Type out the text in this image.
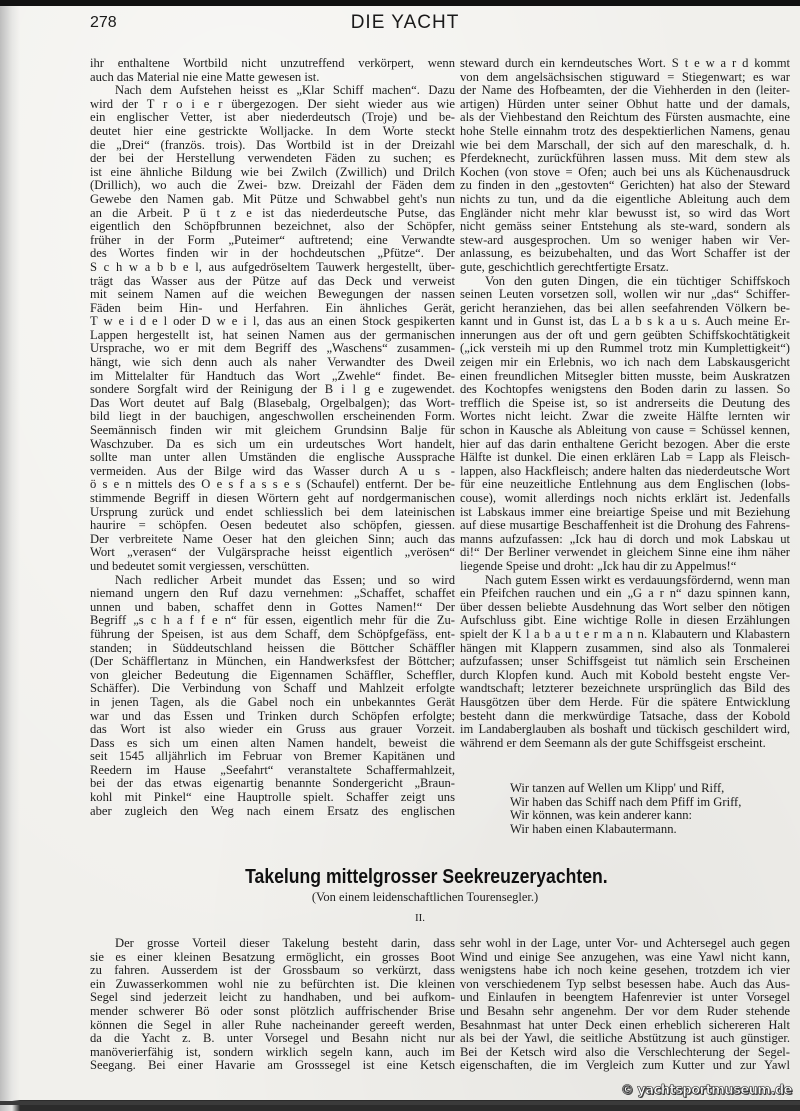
278	DIE YACHT
ihr enthaltene Wortbild nicht unzutreffend verkörpert, wenn
auch das Material nie eine Matte gewesen ist.
Nach dem Aufstehen heisst es „Klar Schiff machen“. Dazu
wird der T r o i e r übergezogen. Der sieht wieder aus wie
ein englischer Vetter, ist aber niederdeutsch (Troje) und be-
deutet hier eine gestrickte Wolljacke. In dem Worte steckt
die „Drei“ (französ. trois). Das Wortbild ist in der Dreizahl
der bei der Herstellung verwendeten Fäden zu suchen; es
ist eine ähnliche Bildung wie bei Zwilch (Zwillich) und Drilch
(Drillich), wo auch die Zwei- bzw. Dreizahl der Fäden dem
Gewebe den Namen gab. Mit Pütze und Schwabbel geht's nun
an die Arbeit. P ü t z e ist das niederdeutsche Putse, das
eigentlich den Schöpfbrunnen bezeichnet, also der Schöpfer,
früher in der Form „Puteimer“ auftretend; eine Verwandte
des Wortes finden wir in der hochdeutschen „Pfütze“. Der
S c h w a b b e l, aus aufgedröseltem Tauwerk hergestellt, über-
trägt das Wasser aus der Pütze auf das Deck und verweist
mit seinem Namen auf die weichen Bewegungen der nassen
Fäden beim Hin- und Herfahren. Ein ähnliches Gerät,
T w e i d e l oder D w e i l, das aus an einen Stock gespikerten
Lappen hergestellt ist, hat seinen Namen aus der germanischen
Ursprache, wo er mit dem Begriff des „Waschens“ zusammen-
hängt, wie sich denn auch als naher Verwandter des Dweil
im Mittelalter für Handtuch das Wort „Zwehle“ findet. Be-
sondere Sorgfalt wird der Reinigung der B i l g e zugewendet.
Das Wort deutet auf Balg (Blasebalg, Orgelbalgen); das Wort-
bild liegt in der bauchigen, angeschwollen erscheinenden Form.
Seemännisch finden wir mit gleichem Grundsinn Balje für
Waschzuber. Da es sich um ein urdeutsches Wort handelt,
sollte man unter allen Umständen die englische Aussprache
vermeiden. Aus der Bilge wird das Wasser durch A u s -
ö s e n mittels des O e s f a s s e s (Schaufel) entfernt. Der be-
stimmende Begriff in diesen Wörtern geht auf nordgermanischen
Ursprung zurück und endet schliesslich bei dem lateinischen
haurire = schöpfen. Oesen bedeutet also schöpfen, giessen.
Der verbreitete Name Oeser hat den gleichen Sinn; auch das
Wort „verasen“ der Vulgärsprache heisst eigentlich „verösen“
und bedeutet somit vergiessen, verschütten.
Nach redlicher Arbeit mundet das Essen; und so wird
niemand ungern den Ruf dazu vernehmen: „Schaffet, schaffet
unnen und baben, schaffet denn in Gottes Namen!“ Der
Begriff „s c h a f f e n“ für essen, eigentlich mehr für die Zu-
führung der Speisen, ist aus dem Schaff, dem Schöpfgefäss, ent-
standen; in Süddeutschland heissen die Böttcher Schäffler
(Der Schäfflertanz in München, ein Handwerksfest der Böttcher;
von gleicher Bedeutung die Eigennamen Schäffler, Scheffler,
Schäffer). Die Verbindung von Schaff und Mahlzeit erfolgte
in jenen Tagen, als die Gabel noch ein unbekanntes Gerät
war und das Essen und Trinken durch Schöpfen erfolgte;
das Wort ist also wieder ein Gruss aus grauer Vorzeit.
Dass es sich um einen alten Namen handelt, beweist die
seit 1545 alljährlich im Februar von Bremer Kapitänen und
Reedern im Hause „Seefahrt“ veranstaltete Schaffermahlzeit,
bei der das etwas eigenartig benannte Sondergericht „Braun-
kohl mit Pinkel“ eine Hauptrolle spielt. Schaffer zeigt uns
aber zugleich den Weg nach einem Ersatz des englischen
steward durch ein kerndeutsches Wort. S t e w a r d kommt
von dem angelsächsischen stiguward = Stiegenwart; es war
der Name des Hofbeamten, der die Viehherden in den (leiter-
artigen) Hürden unter seiner Obhut hatte und der damals,
als der Viehbestand den Reichtum des Fürsten ausmachte, eine
hohe Stelle einnahm trotz des despektierlichen Namens, genau
wie bei dem Marschall, der sich auf den mareschalk, d. h.
Pferdeknecht, zurückführen lassen muss. Mit dem stew als
Kochen (von stove = Ofen; auch bei uns als Küchenausdruck
zu finden in den „gestovten“ Gerichten) hat also der Steward
nichts zu tun, und da die eigentliche Ableitung auch dem
Engländer nicht mehr klar bewusst ist, so wird das Wort
nicht gemäss seiner Entstehung als ste-ward, sondern als
stew-ard ausgesprochen. Um so weniger haben wir Ver-
anlassung, es beizubehalten, und das Wort Schaffer ist der
gute, geschichtlich gerechtfertigte Ersatz.
Von den guten Dingen, die ein tüchtiger Schiffskoch
seinen Leuten vorsetzen soll, wollen wir nur „das“ Schiffer-
gericht heranziehen, das bei allen seefahrenden Völkern be-
kannt und in Gunst ist, das L a b s k a u s. Auch meine Er-
innerungen aus der oft und gern geübten Schiffskochtätigkeit
(„ick versteih mi up den Rummel trotz min Kumplettigkeit“)
zeigen mir ein Erlebnis, wo ich nach dem Labskausgericht
einen freundlichen Mitsegler bitten musste, beim Auskratzen
des Kochtopfes wenigstens den Boden darin zu lassen. So
trefflich die Speise ist, so ist andrerseits die Deutung des
Wortes nicht leicht. Zwar die zweite Hälfte lernten wir
schon in Kausche als Ableitung von cause = Schüssel kennen,
hier auf das darin enthaltene Gericht bezogen. Aber die erste
Hälfte ist dunkel. Die einen erklären Lab = Lapp als Fleisch-
lappen, also Hackfleisch; andere halten das niederdeutsche Wort
für eine neuzeitliche Entlehnung aus dem Englischen (lobs-
couse), womit allerdings noch nichts erklärt ist. Jedenfalls
ist Labskaus immer eine breiartige Speise und mit Beziehung
auf diese musartige Beschaffenheit ist die Drohung des Fahrens-
manns aufzufassen: „Ick hau di dorch und mok Labskau ut
di!“ Der Berliner verwendet in gleichem Sinne eine ihm näher
liegende Speise und droht: „Ick hau dir zu Appelmus!“
Nach gutem Essen wirkt es verdauungsfördernd, wenn man
ein Pfeifchen rauchen und ein „G a r n“ dazu spinnen kann,
über dessen beliebte Ausdehnung das Wort selber den nötigen
Aufschluss gibt. Eine wichtige Rolle in diesen Erzählungen
spielt der K l a b a u t e r m a n n. Klabautern und Klabastern
hängen mit Klappern zusammen, sind also als Tonmalerei
aufzufassen; unser Schiffsgeist tut nämlich sein Erscheinen
durch Klopfen kund. Auch mit Kobold besteht engste Ver-
wandtschaft; letzterer bezeichnete ursprünglich das Bild des
Hausgötzen über dem Herde. Für die spätere Entwicklung
besteht dann die merkwürdige Tatsache, dass der Kobold
im Landaberglauben als boshaft und tückisch geschildert wird,
während er dem Seemann als der gute Schiffsgeist erscheint.
Wir tanzen auf Wellen um Klipp' und Riff,
Wir haben das Schiff nach dem Pfiff im Griff,
Wir können, was kein anderer kann:
Wir haben einen Klabautermann.
Takelung mittelgrosser Seekreuzeryachten.
(Von einem leidenschaftlichen Tourensegler.)
II.
Der grosse Vorteil dieser Takelung besteht darin, dass
sie es einer kleinen Besatzung ermöglicht, ein grosses Boot
zu fahren. Ausserdem ist der Grossbaum so verkürzt, dass
ein Zuwasserkommen wohl nie zu befürchten ist. Die kleinen
Segel sind jederzeit leicht zu handhaben, und bei aufkom-
mender schwerer Bö oder sonst plötzlich auffrischender Brise
können die Segel in aller Ruhe nacheinander gereeft werden,
da die Yacht z. B. unter Vorsegel und Besahn nicht nur
manöverierfähig ist, sondern wirklich segeln kann, auch im
Seegang. Bei einer Havarie am Grosssegel ist eine Ketsch
sehr wohl in der Lage, unter Vor- und Achtersegel auch gegen
Wind und einige See anzugehen, was eine Yawl nicht kann,
wenigstens habe ich noch keine gesehen, trotzdem ich vier
von verschiedenem Typ selbst besessen habe. Auch das Aus-
und Einlaufen in beengtem Hafenrevier ist unter Vorsegel
und Besahn sehr angenehm. Der vor dem Ruder stehende
Besahnmast hat unter Deck einen erheblich sichereren Halt
als bei der Yawl, die seitliche Abstützung ist auch günstiger.
Bei der Ketsch wird also die Verschlechterung der Segel-
eigenschaften, die im Vergleich zum Kutter und zur Yawl
© yachtsportmuseum.de
